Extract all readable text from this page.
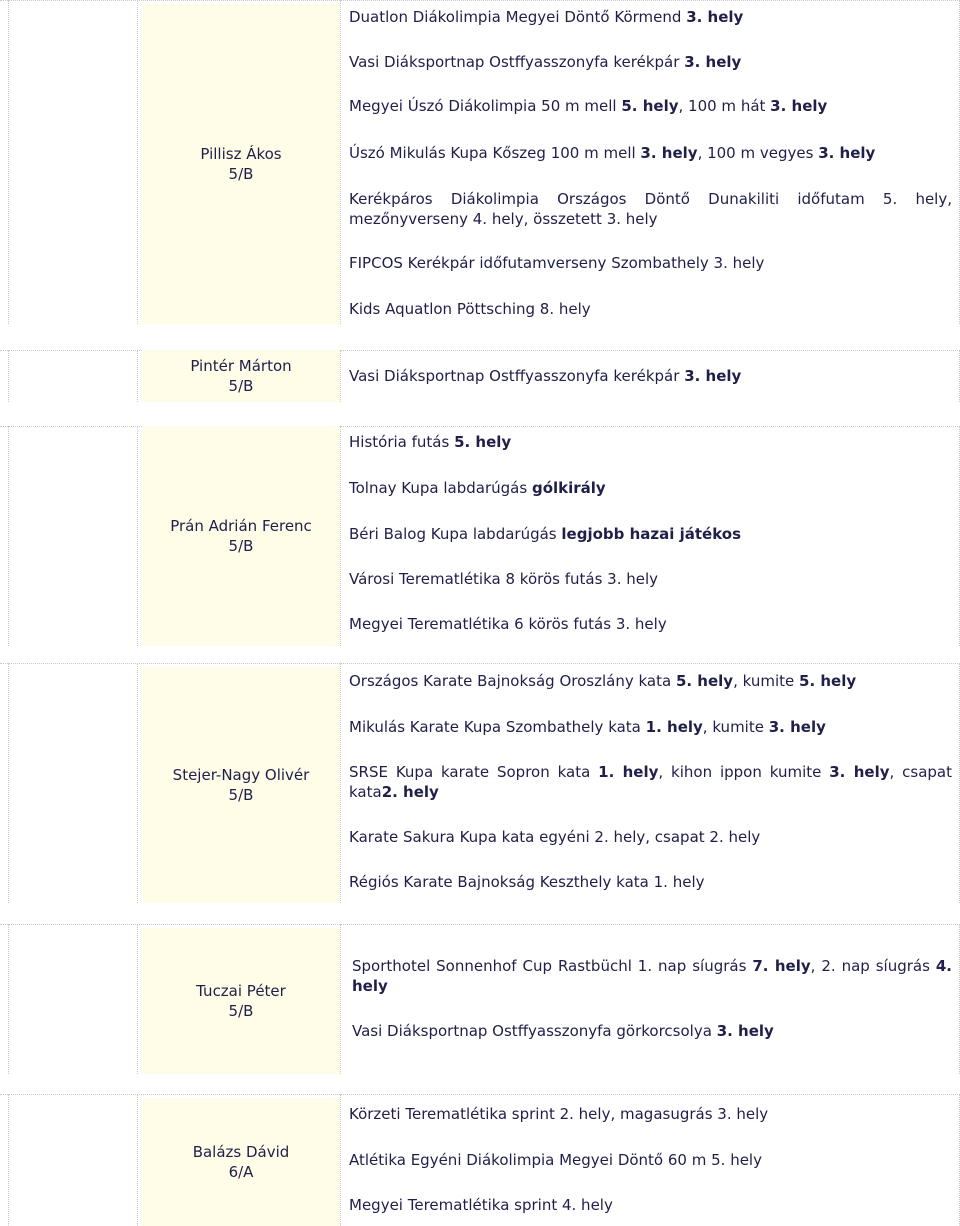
Pillisz Ákos
5/B

Duatlon Diákolimpia Megyei Döntő Körmend 3. hely

Vasi Diáksportnap Ostffyasszonyfa kerékpár 3. hely

Megyei Úszó Diákolimpia 50 m mell 5. hely, 100 m hát 3. hely

Úszó Mikulás Kupa Kőszeg 100 m mell 3. hely, 100 m vegyes 3. hely

Kerékpáros Diákolimpia Országos Döntő Dunakiliti időfutam 5. hely, mezőnyverseny 4. hely, összetett 3. hely

FIPCOS Kerékpár időfutamverseny Szombathely 3. hely

Kids Aquatlon Pöttsching 8. hely

Pintér Márton
5/B

Vasi Diáksportnap Ostffyasszonyfa kerékpár 3. hely

Prán Adrián Ferenc
5/B

História futás 5. hely

Tolnay Kupa labdarúgás gólkirály

Béri Balog Kupa labdarúgás legjobb hazai játékos

Városi Terematlétika 8 körös futás 3. hely

Megyei Terematlétika 6 körös futás 3. hely

Stejer-Nagy Olivér
5/B

Országos Karate Bajnokság Oroszlány kata 5. hely, kumite 5. hely

Mikulás Karate Kupa Szombathely kata 1. hely, kumite 3. hely

SRSE Kupa karate Sopron kata 1. hely, kihon ippon kumite 3. hely, csapat kata2. hely

Karate Sakura Kupa kata egyéni 2. hely, csapat 2. hely

Régiós Karate Bajnokság Keszthely kata 1. hely

Tuczai Péter
5/B

Sporthotel Sonnenhof Cup Rastbüchl 1. nap síugrás 7. hely, 2. nap síugrás 4. hely

Vasi Diáksportnap Ostffyasszonyfa görkorcsolya 3. hely

Balázs Dávid
6/A

Körzeti Terematlétika sprint 2. hely, magasugrás 3. hely

Atlétika Egyéni Diákolimpia Megyei Döntő 60 m 5. hely

Megyei Terematlétika sprint 4. hely
